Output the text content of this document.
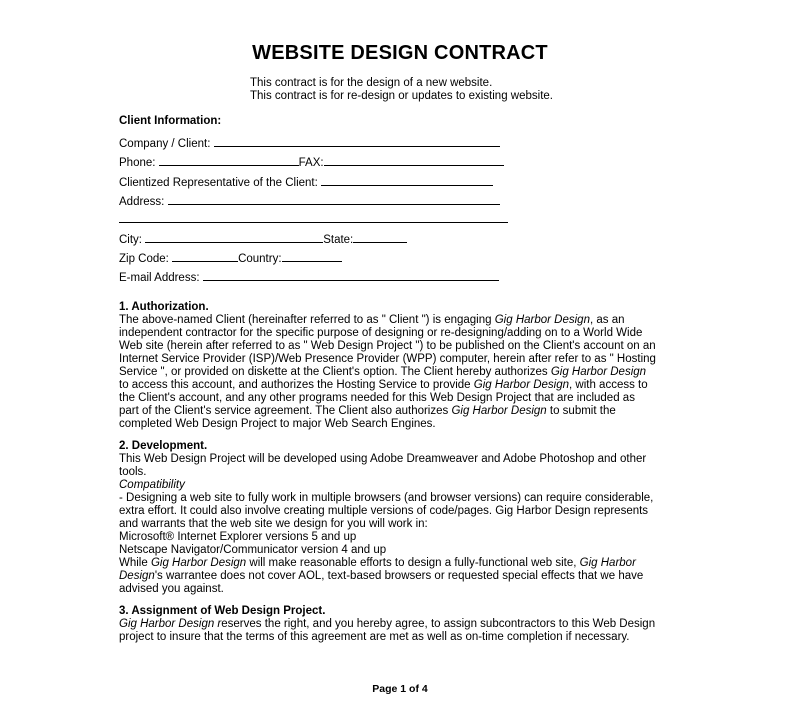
WEBSITE DESIGN CONTRACT
This contract is for the design of a new website.
This contract is for re-design or updates to existing website.
Client Information:
Company / Client:
Phone:	FAX:
Clientized Representative of the Client:
Address:
City:	State:
Zip Code:	Country:
E-mail Address:
1. Authorization.
The above-named Client (hereinafter referred to as " Client ") is engaging Gig Harbor Design, as an
independent contractor for the specific purpose of designing or re-designing/adding on to a World Wide
Web site (herein after referred to as " Web Design Project ") to be published on the Client's account on an
Internet Service Provider (ISP)/Web Presence Provider (WPP) computer, herein after refer to as " Hosting
Service ", or provided on diskette at the Client's option. The Client hereby authorizes Gig Harbor Design
to access this account, and authorizes the Hosting Service to provide Gig Harbor Design, with access to
the Client's account, and any other programs needed for this Web Design Project that are included as
part of the Client's service agreement. The Client also authorizes Gig Harbor Design to submit the
completed Web Design Project to major Web Search Engines.
2. Development.
This Web Design Project will be developed using Adobe Dreamweaver and Adobe Photoshop and other
tools.
Compatibility
- Designing a web site to fully work in multiple browsers (and browser versions) can require considerable,
extra effort. It could also involve creating multiple versions of code/pages. Gig Harbor Design represents
and warrants that the web site we design for you will work in:
Microsoft® Internet Explorer versions 5 and up
Netscape Navigator/Communicator version 4 and up
While Gig Harbor Design will make reasonable efforts to design a fully-functional web site, Gig Harbor
Design's warrantee does not cover AOL, text-based browsers or requested special effects that we have
advised you against.
3. Assignment of Web Design Project.
Gig Harbor Design reserves the right, and you hereby agree, to assign subcontractors to this Web Design
project to insure that the terms of this agreement are met as well as on-time completion if necessary.
Page 1 of 4
